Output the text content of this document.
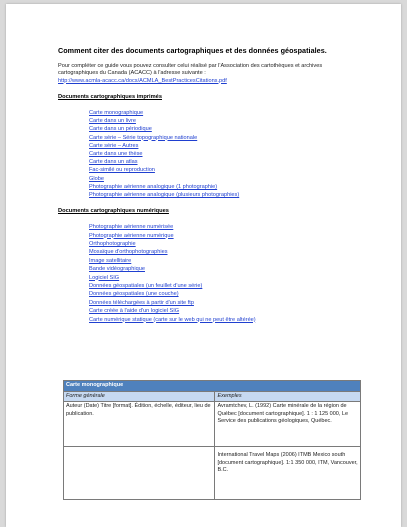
Comment citer des documents cartographiques et des données géospatiales.

Pour compléter ce guide vous pouvez consulter celui réalisé par l'Association des cartothèques et archives cartographiques du Canada (ACACC) à l'adresse suivante :
http://www.acmla-acacc.ca/docs/ACMLA_BestPracticesCitations.pdf

Documents cartographiques imprimés
Carte monographique
Carte dans un livre
Carte dans un périodique
Carte série – Série topographique nationale
Carte série – Autres
Carte dans une thèse
Carte dans un atlas
Fac-similé ou reproduction
Globe
Photographie aérienne analogique (1 photographie)
Photographie aérienne analogique (plusieurs photographies)
Documents cartographiques numériques
Photographie aérienne numérisée
Photographie aérienne numérique
Orthophotographie
Mosaïque d'orthophotographies
Image satellitaire
Bande vidéographique
Logiciel SIG
Données géospatiales (un feuillet d'une série)
Données géospatiales (une couche)
Données téléchargées à partir d'un site ftp
Carte créée à l'aide d'un logiciel SIG
Carte numérique statique (carte sur le web qui ne peut être altérée)
Carte monographique	
Forme générale	Exemples

Auteur (Date) Titre [format]. Édition, échelle, éditeur, lieu de publication.	Avramtchev, L. (1992) Carte minérale de la région de Québec [document cartographique]. 1 : 1 125 000, Le Service des publications géologiques, Québec.

	International Travel Maps (2006) ITMB Mexico south [document cartographique]. 1:1 350 000, ITM, Vancouver, B.C.
